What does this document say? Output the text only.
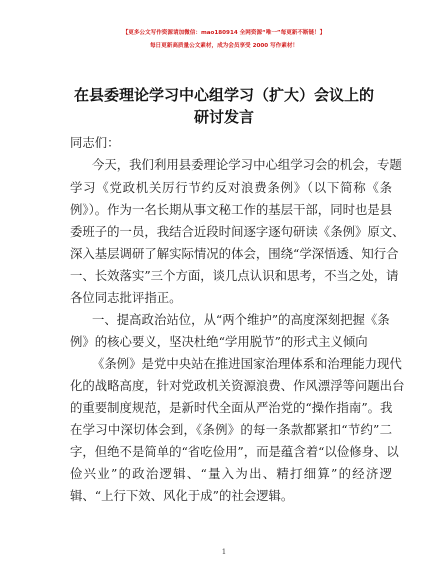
【更多公文写作资源请加微信：mao180914 全网资源“唯一”每更新不断链！】
每日更新高质量公文素材，成为会员享受 2000 写作素材！
在县委理论学习中心组学习（扩大）会议上的
研讨发言
同志们：
今天，我们利用县委理论学习中心组学习会的机会，专题
学习《党政机关厉行节约反对浪费条例》（以下简称《条
例》）。作为一名长期从事文秘工作的基层干部，同时也是县
委班子的一员，我结合近段时间逐字逐句研读《条例》原文、
深入基层调研了解实际情况的体会，围绕“学深悟透、知行合
一、长效落实”三个方面，谈几点认识和思考，不当之处，请
各位同志批评指正。
一、提高政治站位，从“两个维护”的高度深刻把握《条
例》的核心要义，坚决杜绝“学用脱节”的形式主义倾向
《条例》是党中央站在推进国家治理体系和治理能力现代
化的战略高度，针对党政机关资源浪费、作风漂浮等问题出台
的重要制度规范，是新时代全面从严治党的“操作指南”。我
在学习中深切体会到，《条例》的每一条款都紧扣“节约”二
字，但绝不是简单的“省吃俭用”，而是蕴含着“以俭修身、以
俭兴业”的政治逻辑、“量入为出、精打细算”的经济逻
辑、“上行下效、风化于成”的社会逻辑。
1
